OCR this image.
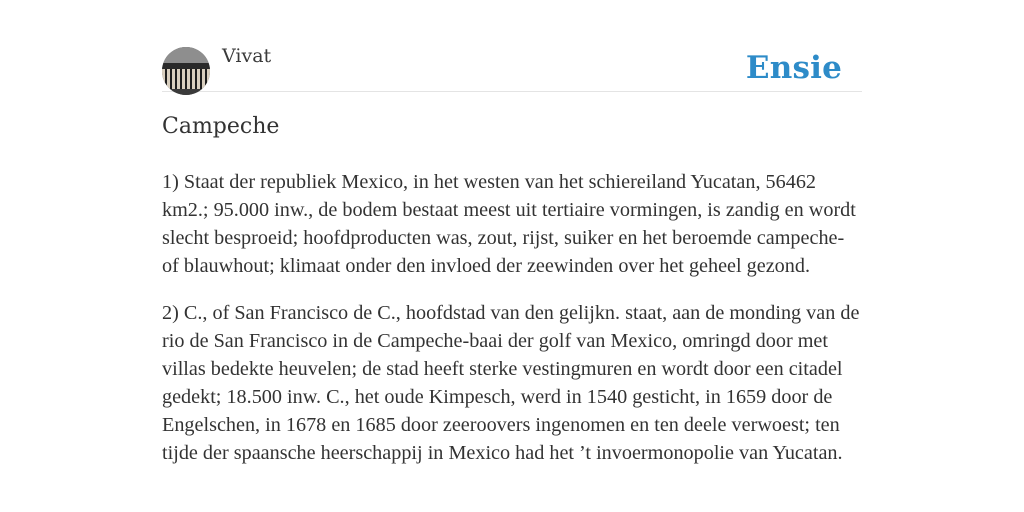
Vivat	Ensie
Campeche

1) Staat der republiek Mexico, in het westen van het schiereiland Yucatan, 56462 km2.; 95.000 inw., de bodem bestaat meest uit tertiaire vormingen, is zandig en wordt slecht besproeid; hoofdproducten was, zout, rijst, suiker en het beroemde campeche- of blauwhout; klimaat onder den invloed der zeewinden over het geheel gezond.

2) C., of San Francisco de C., hoofdstad van den gelijkn. staat, aan de monding van de rio de San Francisco in de Campeche-baai der golf van Mexico, omringd door met villas bedekte heuvelen; de stad heeft sterke vestingmuren en wordt door een citadel gedekt; 18.500 inw. C., het oude Kimpesch, werd in 1540 gesticht, in 1659 door de Engelschen, in 1678 en 1685 door zeeroovers ingenomen en ten deele verwoest; ten tijde der spaansche heerschappij in Mexico had het ’t invoermonopolie van Yucatan.
